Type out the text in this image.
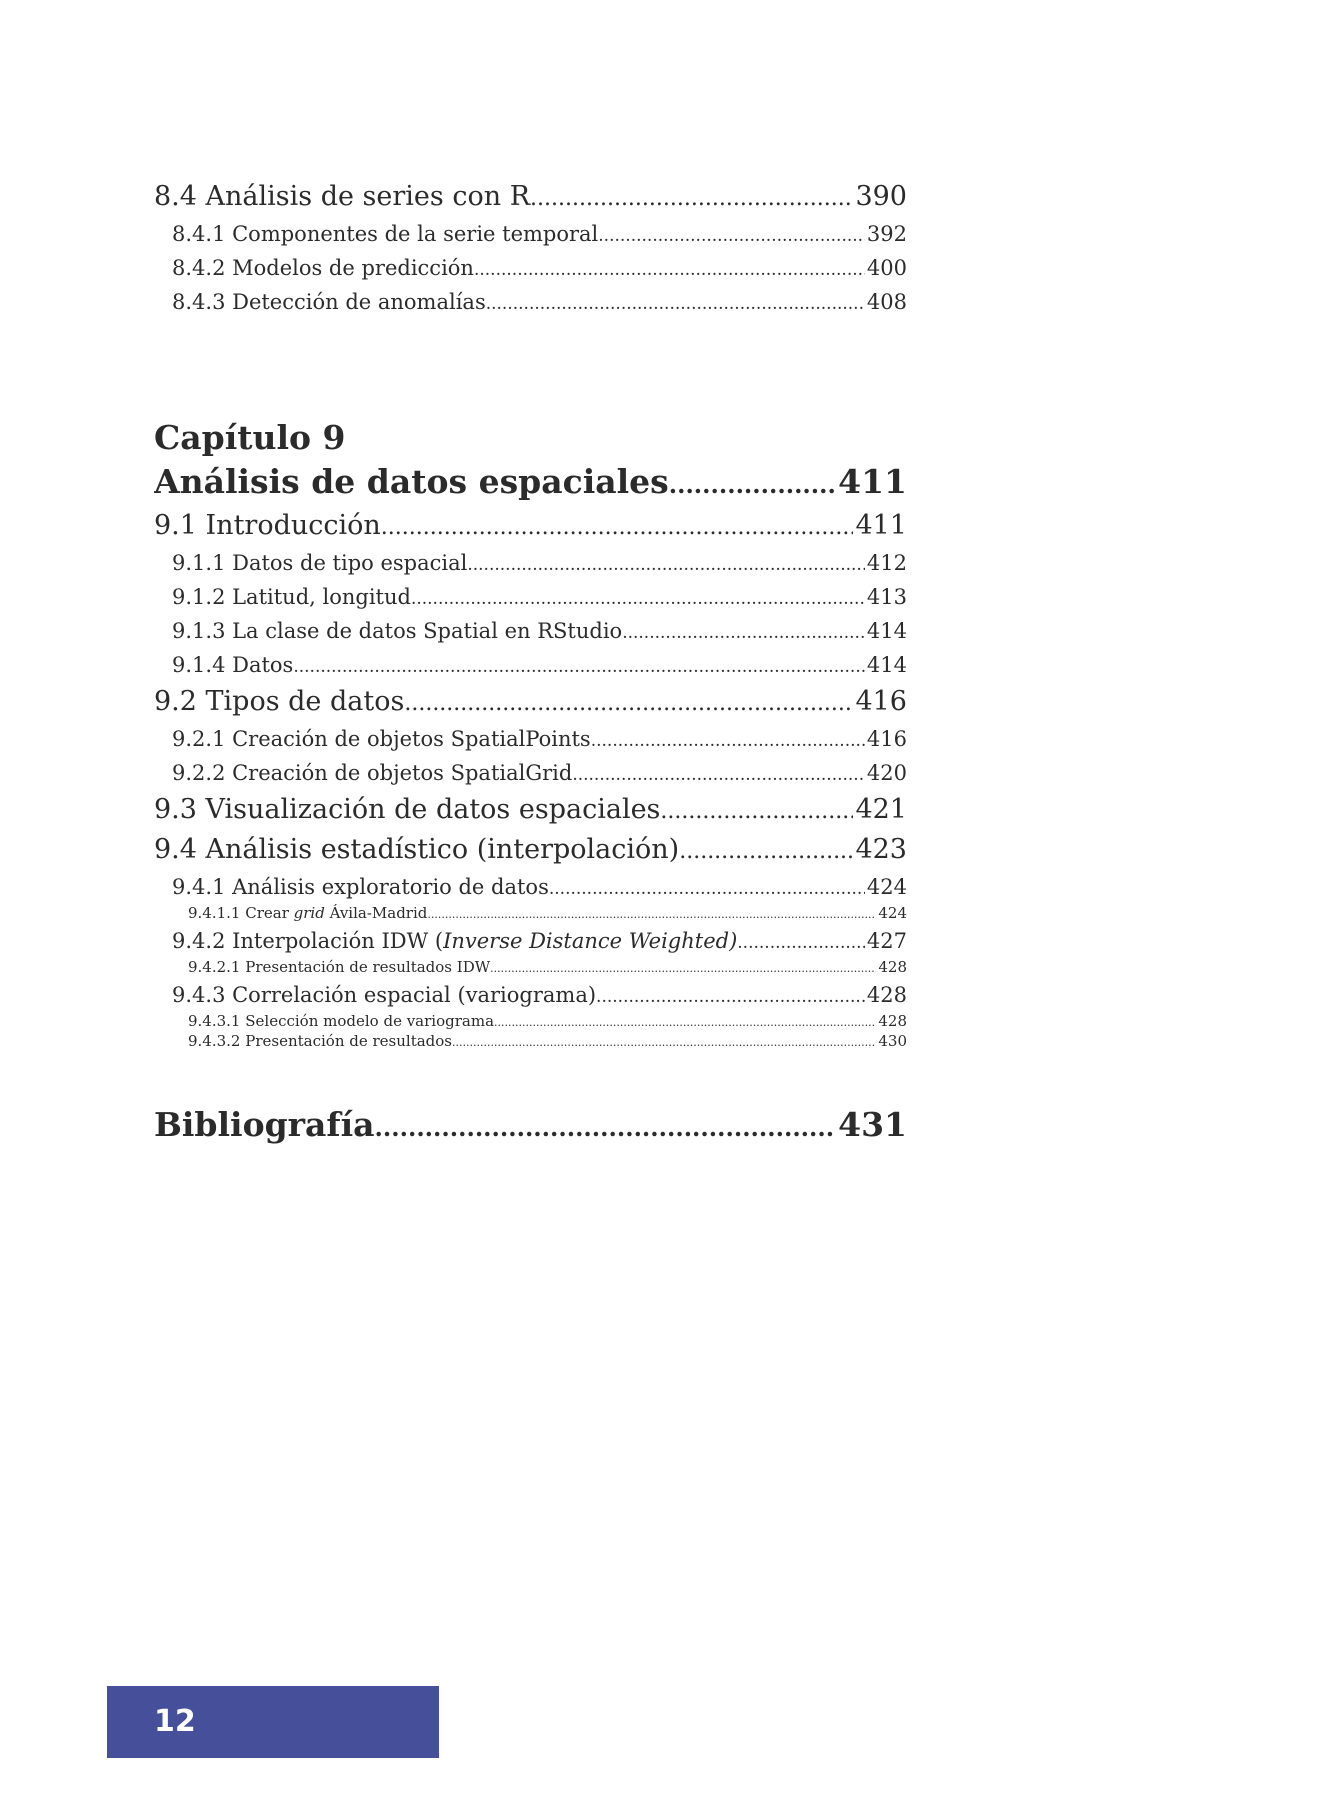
8.4 Análisis de series con R .....	390
8.4.1 Componentes de la serie temporal .....	392
8.4.2 Modelos de predicción .....	400
8.4.3 Detección de anomalías .....	408
Capítulo 9
Análisis de datos espaciales .....	411
9.1 Introducción .....	411
9.1.1 Datos de tipo espacial .....	412
9.1.2 Latitud, longitud .....	413
9.1.3 La clase de datos Spatial en RStudio .....	414
9.1.4 Datos .....	414
9.2 Tipos de datos .....	416
9.2.1 Creación de objetos SpatialPoints .....	416
9.2.2 Creación de objetos SpatialGrid .....	420
9.3 Visualización de datos espaciales .....	421
9.4 Análisis estadístico (interpolación) .....	423
9.4.1 Análisis exploratorio de datos .....	424
9.4.1.1 Crear grid Ávila-Madrid .....	424
9.4.2 Interpolación IDW (Inverse Distance Weighted) .....	427
9.4.2.1 Presentación de resultados IDW .....	428
9.4.3 Correlación espacial (variograma) .....	428
9.4.3.1 Selección modelo de variograma .....	428
9.4.3.2 Presentación de resultados .....	430
Bibliografía .....	431
12
